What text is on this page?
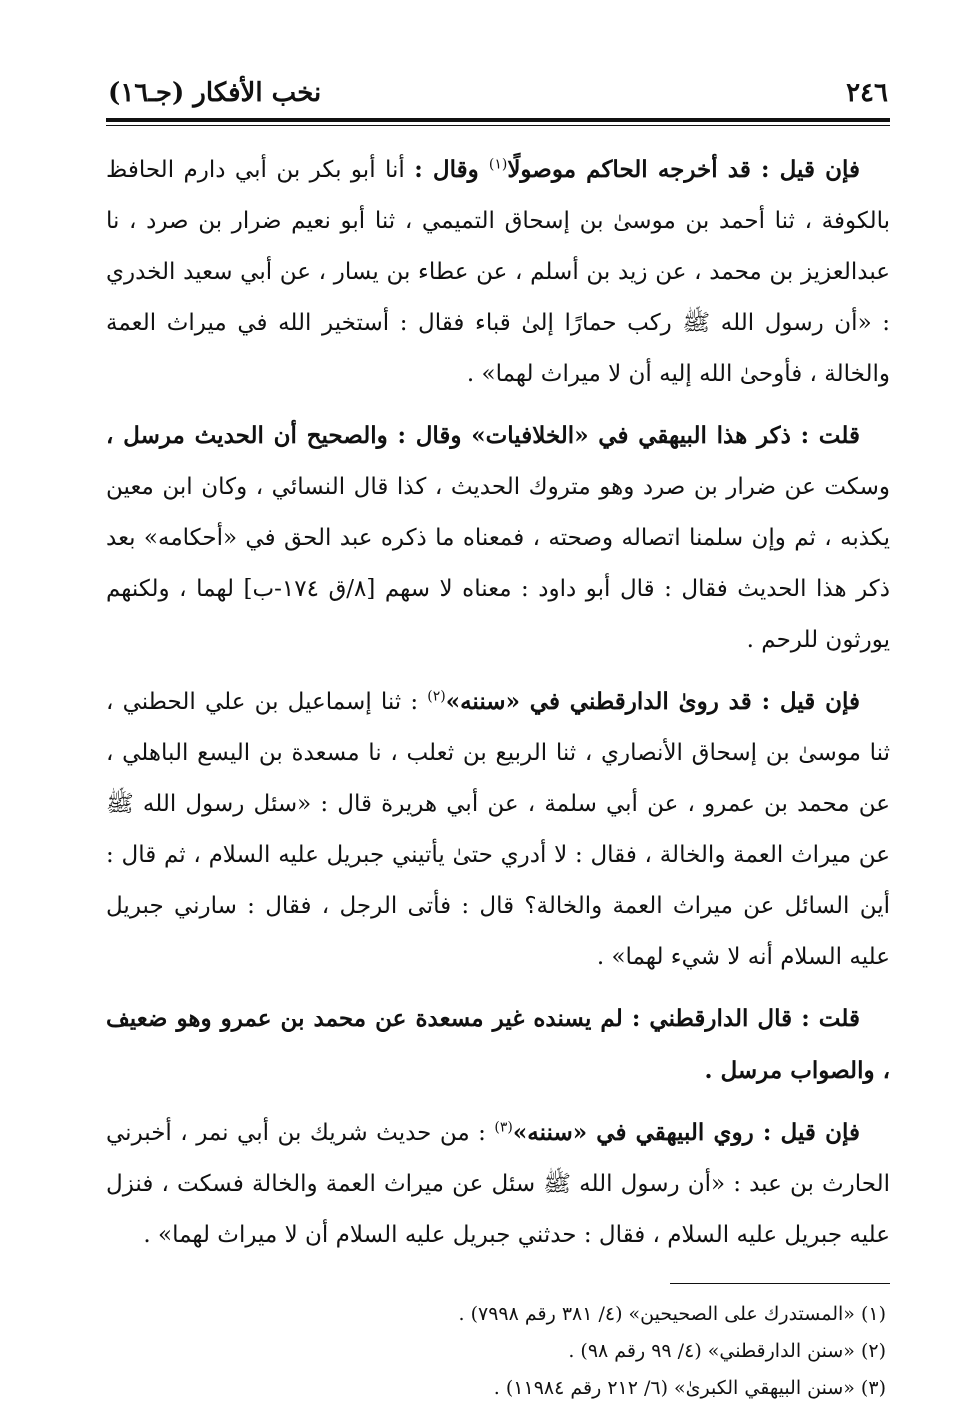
٢٤٦
نخب الأفكار (جـ١٦)

فإن قيل : قد أخرجه الحاكم موصولًا$^{(١)}$ وقال : أنا أبو بكر بن أبي دارم الحافظ بالكوفة ، ثنا أحمد بن موسىٰ بن إسحاق التميمي ، ثنا أبو نعيم ضرار بن صرد ، نا عبدالعزيز بن محمد ، عن زيد بن أسلم ، عن عطاء بن يسار ، عن أبي سعيد الخدري : «أن رسول الله ﷺ ركب حمارًا إلىٰ قباء فقال : أستخير الله في ميراث العمة والخالة ، فأوحىٰ الله إليه أن لا ميراث لهما» .

قلت : ذكر هذا البيهقي في «الخلافيات» وقال : والصحيح أن الحديث مرسل ، وسكت عن ضرار بن صرد وهو متروك الحديث ، كذا قال النسائي ، وكان ابن معين يكذبه ، ثم وإن سلمنا اتصاله وصحته ، فمعناه ما ذكره عبد الحق في «أحكامه» بعد ذكر هذا الحديث فقال : قال أبو داود : معناه لا سهم [٨/ق ١٧٤-ب] لهما ، ولكنهم يورثون للرحم .

فإن قيل : قد روىٰ الدارقطني في «سننه»$^{(٢)}$ : ثنا إسماعيل بن علي الحطني ، ثنا موسىٰ بن إسحاق الأنصاري ، ثنا الربيع بن ثعلب ، نا مسعدة بن اليسع الباهلي ، عن محمد بن عمرو ، عن أبي سلمة ، عن أبي هريرة قال : «سئل رسول الله ﷺ عن ميراث العمة والخالة ، فقال : لا أدري حتىٰ يأتيني جبريل عليه السلام ، ثم قال : أين السائل عن ميراث العمة والخالة؟ قال : فأتى الرجل ، فقال : سارني جبريل عليه السلام أنه لا شيء لهما» .

قلت : قال الدارقطني : لم يسنده غير مسعدة عن محمد بن عمرو وهو ضعيف ، والصواب مرسل .

فإن قيل : روي البيهقي في «سننه»$^{(٣)}$ : من حديث شريك بن أبي نمر ، أخبرني الحارث بن عبد : «أن رسول الله ﷺ سئل عن ميراث العمة والخالة فسكت ، فنزل عليه جبريل عليه السلام ، فقال : حدثني جبريل عليه السلام أن لا ميراث لهما» .

(١) «المستدرك على الصحيحين» (٤/ ٣٨١ رقم ٧٩٩٨) .

(٢) «سنن الدارقطني» (٤/ ٩٩ رقم ٩٨) .

(٣) «سنن البيهقي الكبرىٰ» (٦/ ٢١٢ رقم ١١٩٨٤) .
